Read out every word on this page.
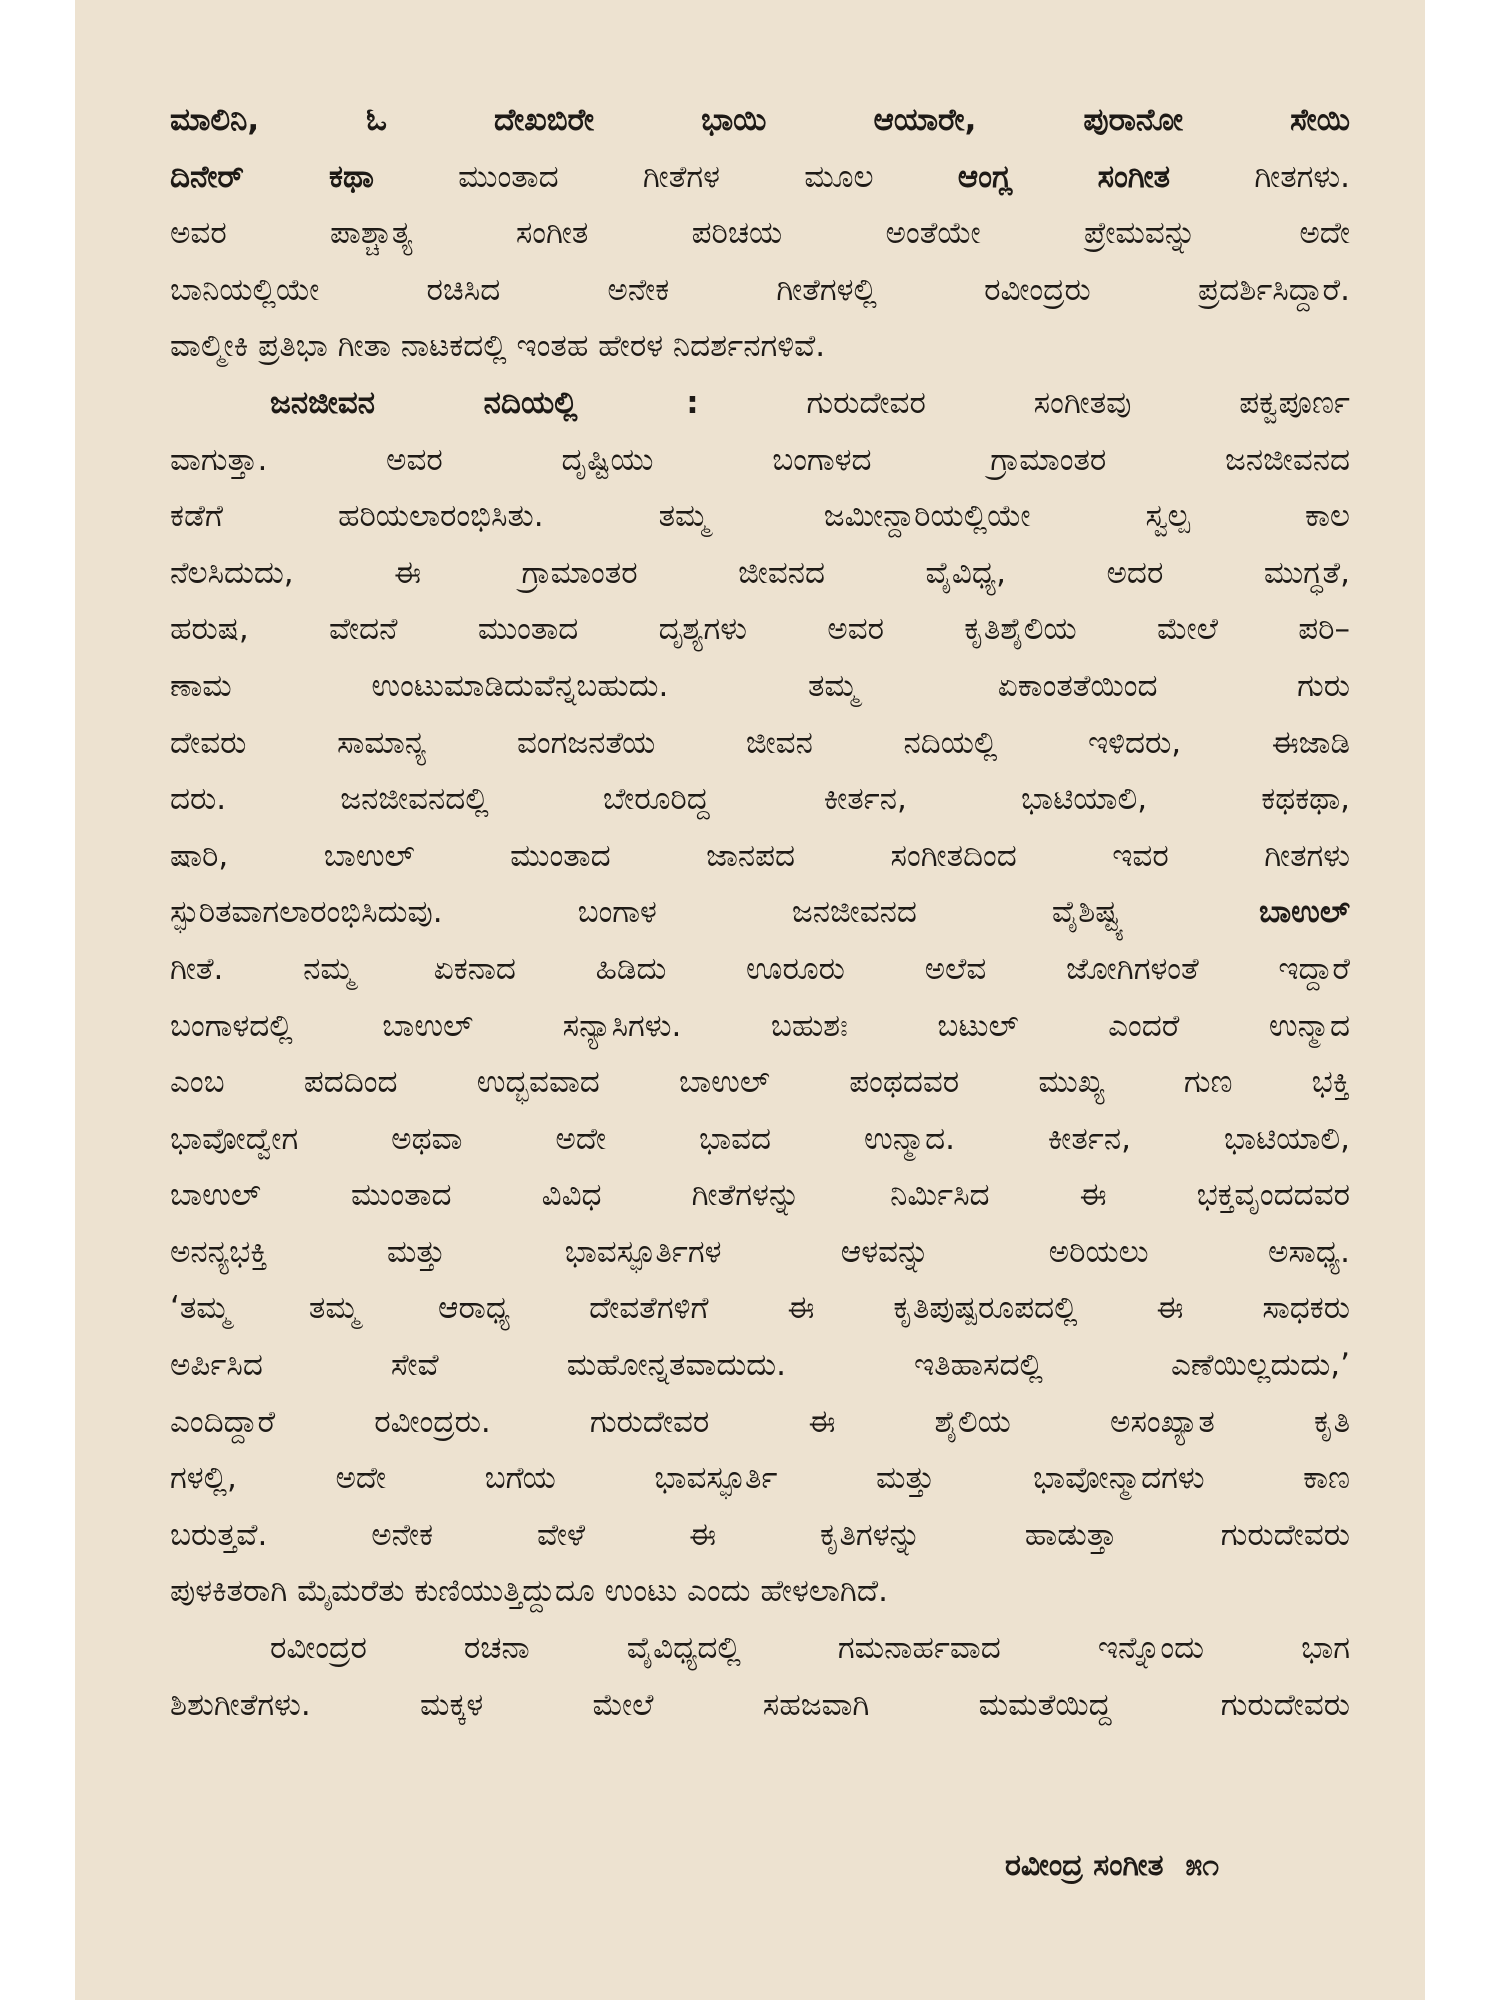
ಮಾಲಿನಿ, ಓ ದೇಖಬಿರೇ ಭಾಯಿ ಆಯಾರೇ, ಪುರಾನೋ ಸೇಯಿ
ದಿನೇರ್ ಕಥಾ ಮುಂತಾದ ಗೀತೆಗಳ ಮೂಲ ಆಂಗ್ಲ ಸಂಗೀತ ಗೀತಗಳು.
ಅವರ ಪಾಶ್ಚಾತ್ಯ ಸಂಗೀತ ಪರಿಚಯ ಅಂತೆಯೇ ಪ್ರೇಮವನ್ನು ಅದೇ
ಬಾನಿಯಲ್ಲಿಯೇ ರಚಿಸಿದ ಅನೇಕ ಗೀತೆಗಳಲ್ಲಿ ರವೀಂದ್ರರು ಪ್ರದರ್ಶಿಸಿದ್ದಾರೆ.
ವಾಲ್ಮೀಕಿ ಪ್ರತಿಭಾ ಗೀತಾ ನಾಟಕದಲ್ಲಿ ಇಂತಹ ಹೇರಳ ನಿದರ್ಶನಗಳಿವೆ.
ಜನಜೀವನ ನದಿಯಲ್ಲಿ : ಗುರುದೇವರ ಸಂಗೀತವು ಪಕ್ವಪೂರ್ಣ
ವಾಗುತ್ತಾ. ಅವರ ದೃಷ್ಟಿಯು ಬಂಗಾಳದ ಗ್ರಾಮಾಂತರ ಜನಜೀವನದ
ಕಡೆಗೆ ಹರಿಯಲಾರಂಭಿಸಿತು. ತಮ್ಮ ಜಮೀನ್ದಾರಿಯಲ್ಲಿಯೇ ಸ್ವಲ್ಪ ಕಾಲ
ನೆಲಸಿದುದು, ಈ ಗ್ರಾಮಾಂತರ ಜೀವನದ ವೈವಿಧ್ಯ, ಅದರ ಮುಗ್ಧತೆ,
ಹರುಷ, ವೇದನೆ ಮುಂತಾದ ದೃಶ್ಯಗಳು ಅವರ ಕೃತಿಶೈಲಿಯ ಮೇಲೆ ಪರಿ–
ಣಾಮ ಉಂಟುಮಾಡಿದುವೆನ್ನಬಹುದು. ತಮ್ಮ ಏಕಾಂತತೆಯಿಂದ ಗುರು
ದೇವರು ಸಾಮಾನ್ಯ ವಂಗಜನತೆಯ ಜೀವನ ನದಿಯಲ್ಲಿ ಇಳಿದರು, ಈಜಾಡಿ
ದರು. ಜನಜೀವನದಲ್ಲಿ ಬೇರೂರಿದ್ದ ಕೀರ್ತನ, ಭಾಟಿಯಾಲಿ, ಕಥಕಥಾ,
ಷಾರಿ, ಬಾಉಲ್ ಮುಂತಾದ ಜಾನಪದ ಸಂಗೀತದಿಂದ ಇವರ ಗೀತಗಳು
ಸ್ಫುರಿತವಾಗಲಾರಂಭಿಸಿದುವು. ಬಂಗಾಳ ಜನಜೀವನದ ವೈಶಿಷ್ಟ್ಯ ಬಾಉಲ್
ಗೀತೆ. ನಮ್ಮ ಏಕನಾದ ಹಿಡಿದು ಊರೂರು ಅಲೆವ ಜೋಗಿಗಳಂತೆ ಇದ್ದಾರೆ
ಬಂಗಾಳದಲ್ಲಿ ಬಾಉಲ್ ಸನ್ಯಾಸಿಗಳು. ಬಹುಶಃ ಬಟುಲ್ ಎಂದರೆ ಉನ್ಮಾದ
ಎಂಬ ಪದದಿಂದ ಉದ್ಭವವಾದ ಬಾಉಲ್ ಪಂಥದವರ ಮುಖ್ಯ ಗುಣ ಭಕ್ತಿ
ಭಾವೋದ್ವೇಗ ಅಥವಾ ಅದೇ ಭಾವದ ಉನ್ಮಾದ. ಕೀರ್ತನ, ಭಾಟಿಯಾಲಿ,
ಬಾಉಲ್ ಮುಂತಾದ ವಿವಿಧ ಗೀತೆಗಳನ್ನು ನಿರ್ಮಿಸಿದ ಈ ಭಕ್ತವೃಂದದವರ
ಅನನ್ಯಭಕ್ತಿ ಮತ್ತು ಭಾವಸ್ಫೂರ್ತಿಗಳ ಆಳವನ್ನು ಅರಿಯಲು ಅಸಾಧ್ಯ.
‘ತಮ್ಮ ತಮ್ಮ ಆರಾಧ್ಯ ದೇವತೆಗಳಿಗೆ ಈ ಕೃತಿಪುಷ್ಪರೂಪದಲ್ಲಿ ಈ ಸಾಧಕರು
ಅರ್ಪಿಸಿದ ಸೇವೆ ಮಹೋನ್ನತವಾದುದು. ಇತಿಹಾಸದಲ್ಲಿ ಎಣೆಯಿಲ್ಲದುದು,’
ಎಂದಿದ್ದಾರೆ ರವೀಂದ್ರರು. ಗುರುದೇವರ ಈ ಶೈಲಿಯ ಅಸಂಖ್ಯಾತ ಕೃತಿ
ಗಳಲ್ಲಿ, ಅದೇ ಬಗೆಯ ಭಾವಸ್ಫೂರ್ತಿ ಮತ್ತು ಭಾವೋನ್ಮಾದಗಳು ಕಾಣ
ಬರುತ್ತವೆ. ಅನೇಕ ವೇಳೆ ಈ ಕೃತಿಗಳನ್ನು ಹಾಡುತ್ತಾ ಗುರುದೇವರು
ಪುಳಕಿತರಾಗಿ ಮೈಮರೆತು ಕುಣಿಯುತ್ತಿದ್ದುದೂ ಉಂಟು ಎಂದು ಹೇಳಲಾಗಿದೆ.
ರವೀಂದ್ರರ ರಚನಾ ವೈವಿಧ್ಯದಲ್ಲಿ ಗಮನಾರ್ಹವಾದ ಇನ್ನೊಂದು ಭಾಗ
ಶಿಶುಗೀತೆಗಳು. ಮಕ್ಕಳ ಮೇಲೆ ಸಹಜವಾಗಿ ಮಮತೆಯಿದ್ದ ಗುರುದೇವರು
ರವೀಂದ್ರ ಸಂಗೀತ ೫೧
